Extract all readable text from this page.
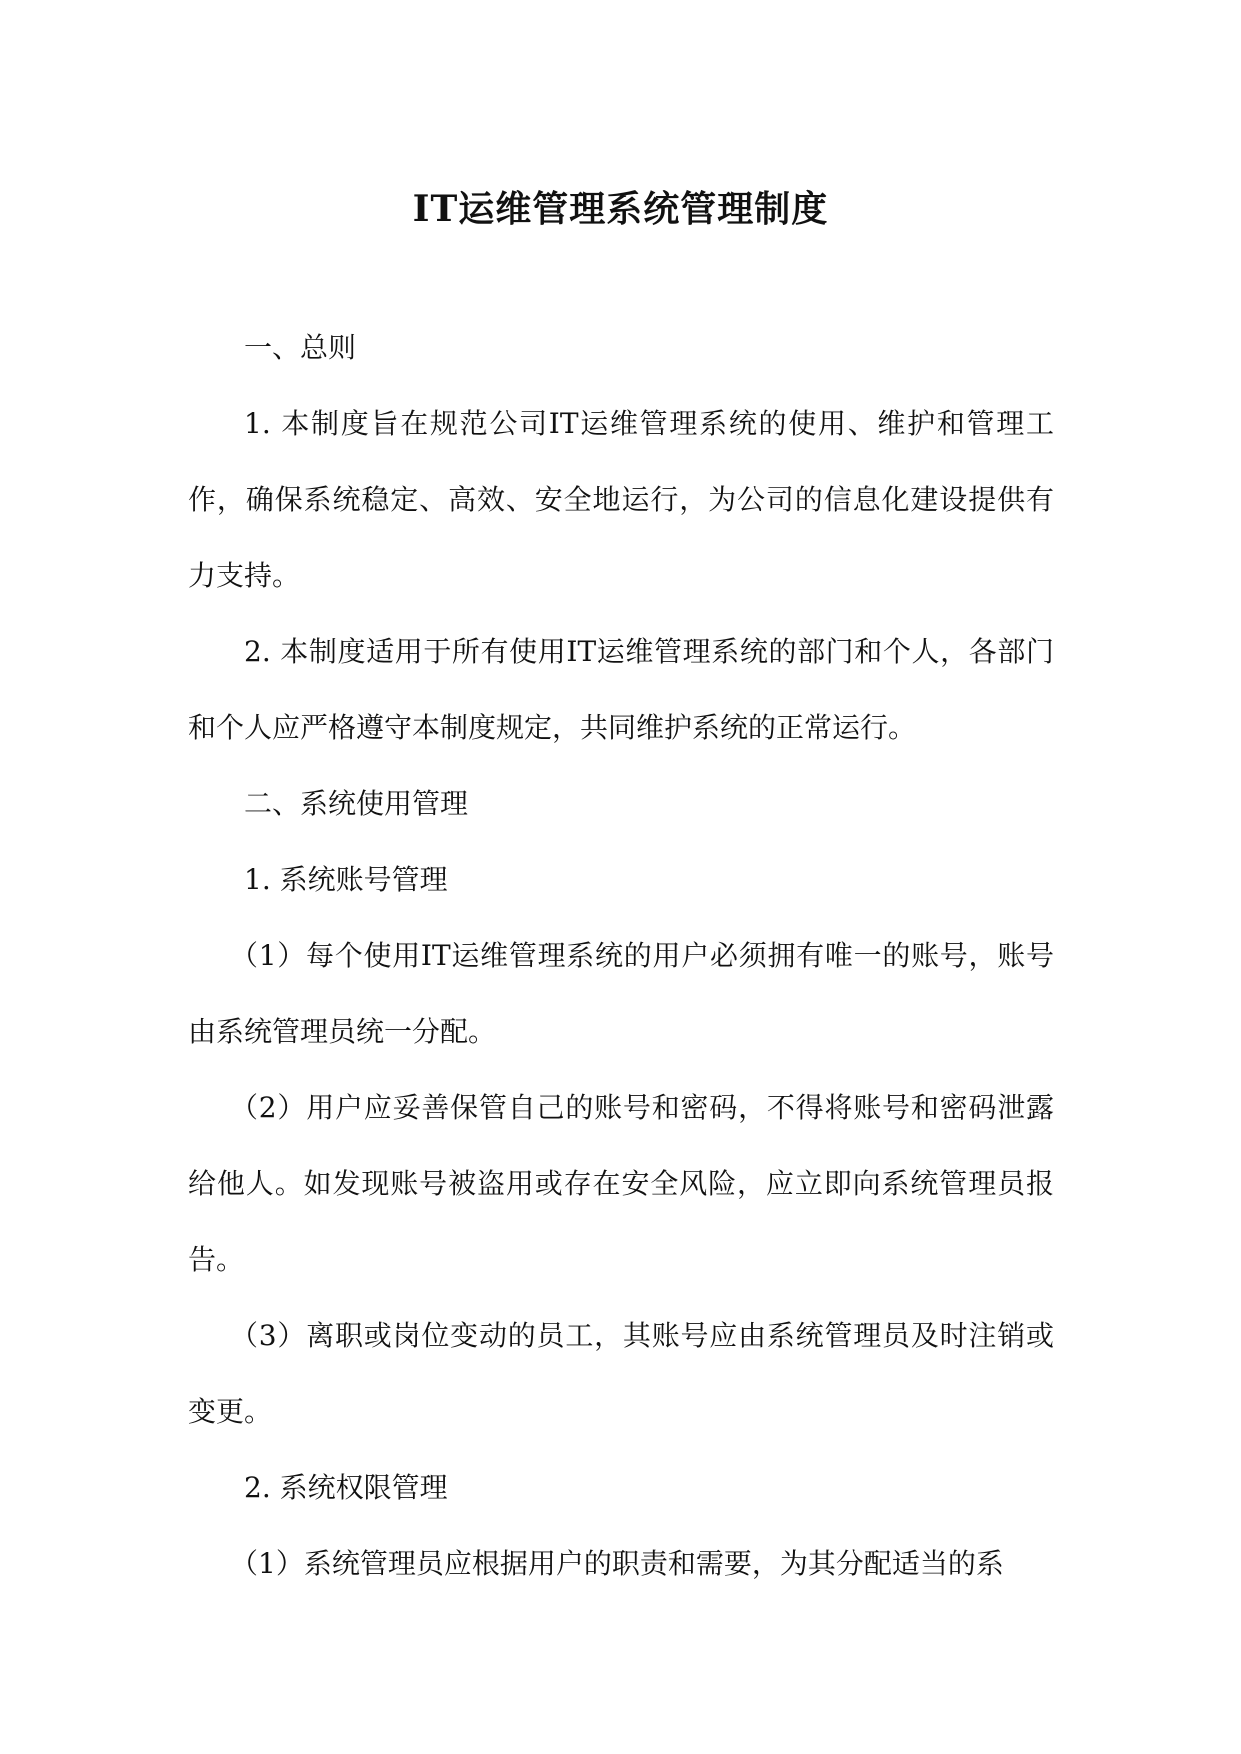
IT运维管理系统管理制度

一、总则

1. 本制度旨在规范公司IT运维管理系统的使用、维护和管理工作，确保系统稳定、高效、安全地运行，为公司的信息化建设提供有力支持。

2. 本制度适用于所有使用IT运维管理系统的部门和个人，各部门和个人应严格遵守本制度规定，共同维护系统的正常运行。

二、系统使用管理

1. 系统账号管理

（1）每个使用IT运维管理系统的用户必须拥有唯一的账号，账号由系统管理员统一分配。

（2）用户应妥善保管自己的账号和密码，不得将账号和密码泄露给他人。如发现账号被盗用或存在安全风险，应立即向系统管理员报告。

（3）离职或岗位变动的员工，其账号应由系统管理员及时注销或变更。

2. 系统权限管理

（1）系统管理员应根据用户的职责和需要，为其分配适当的系
